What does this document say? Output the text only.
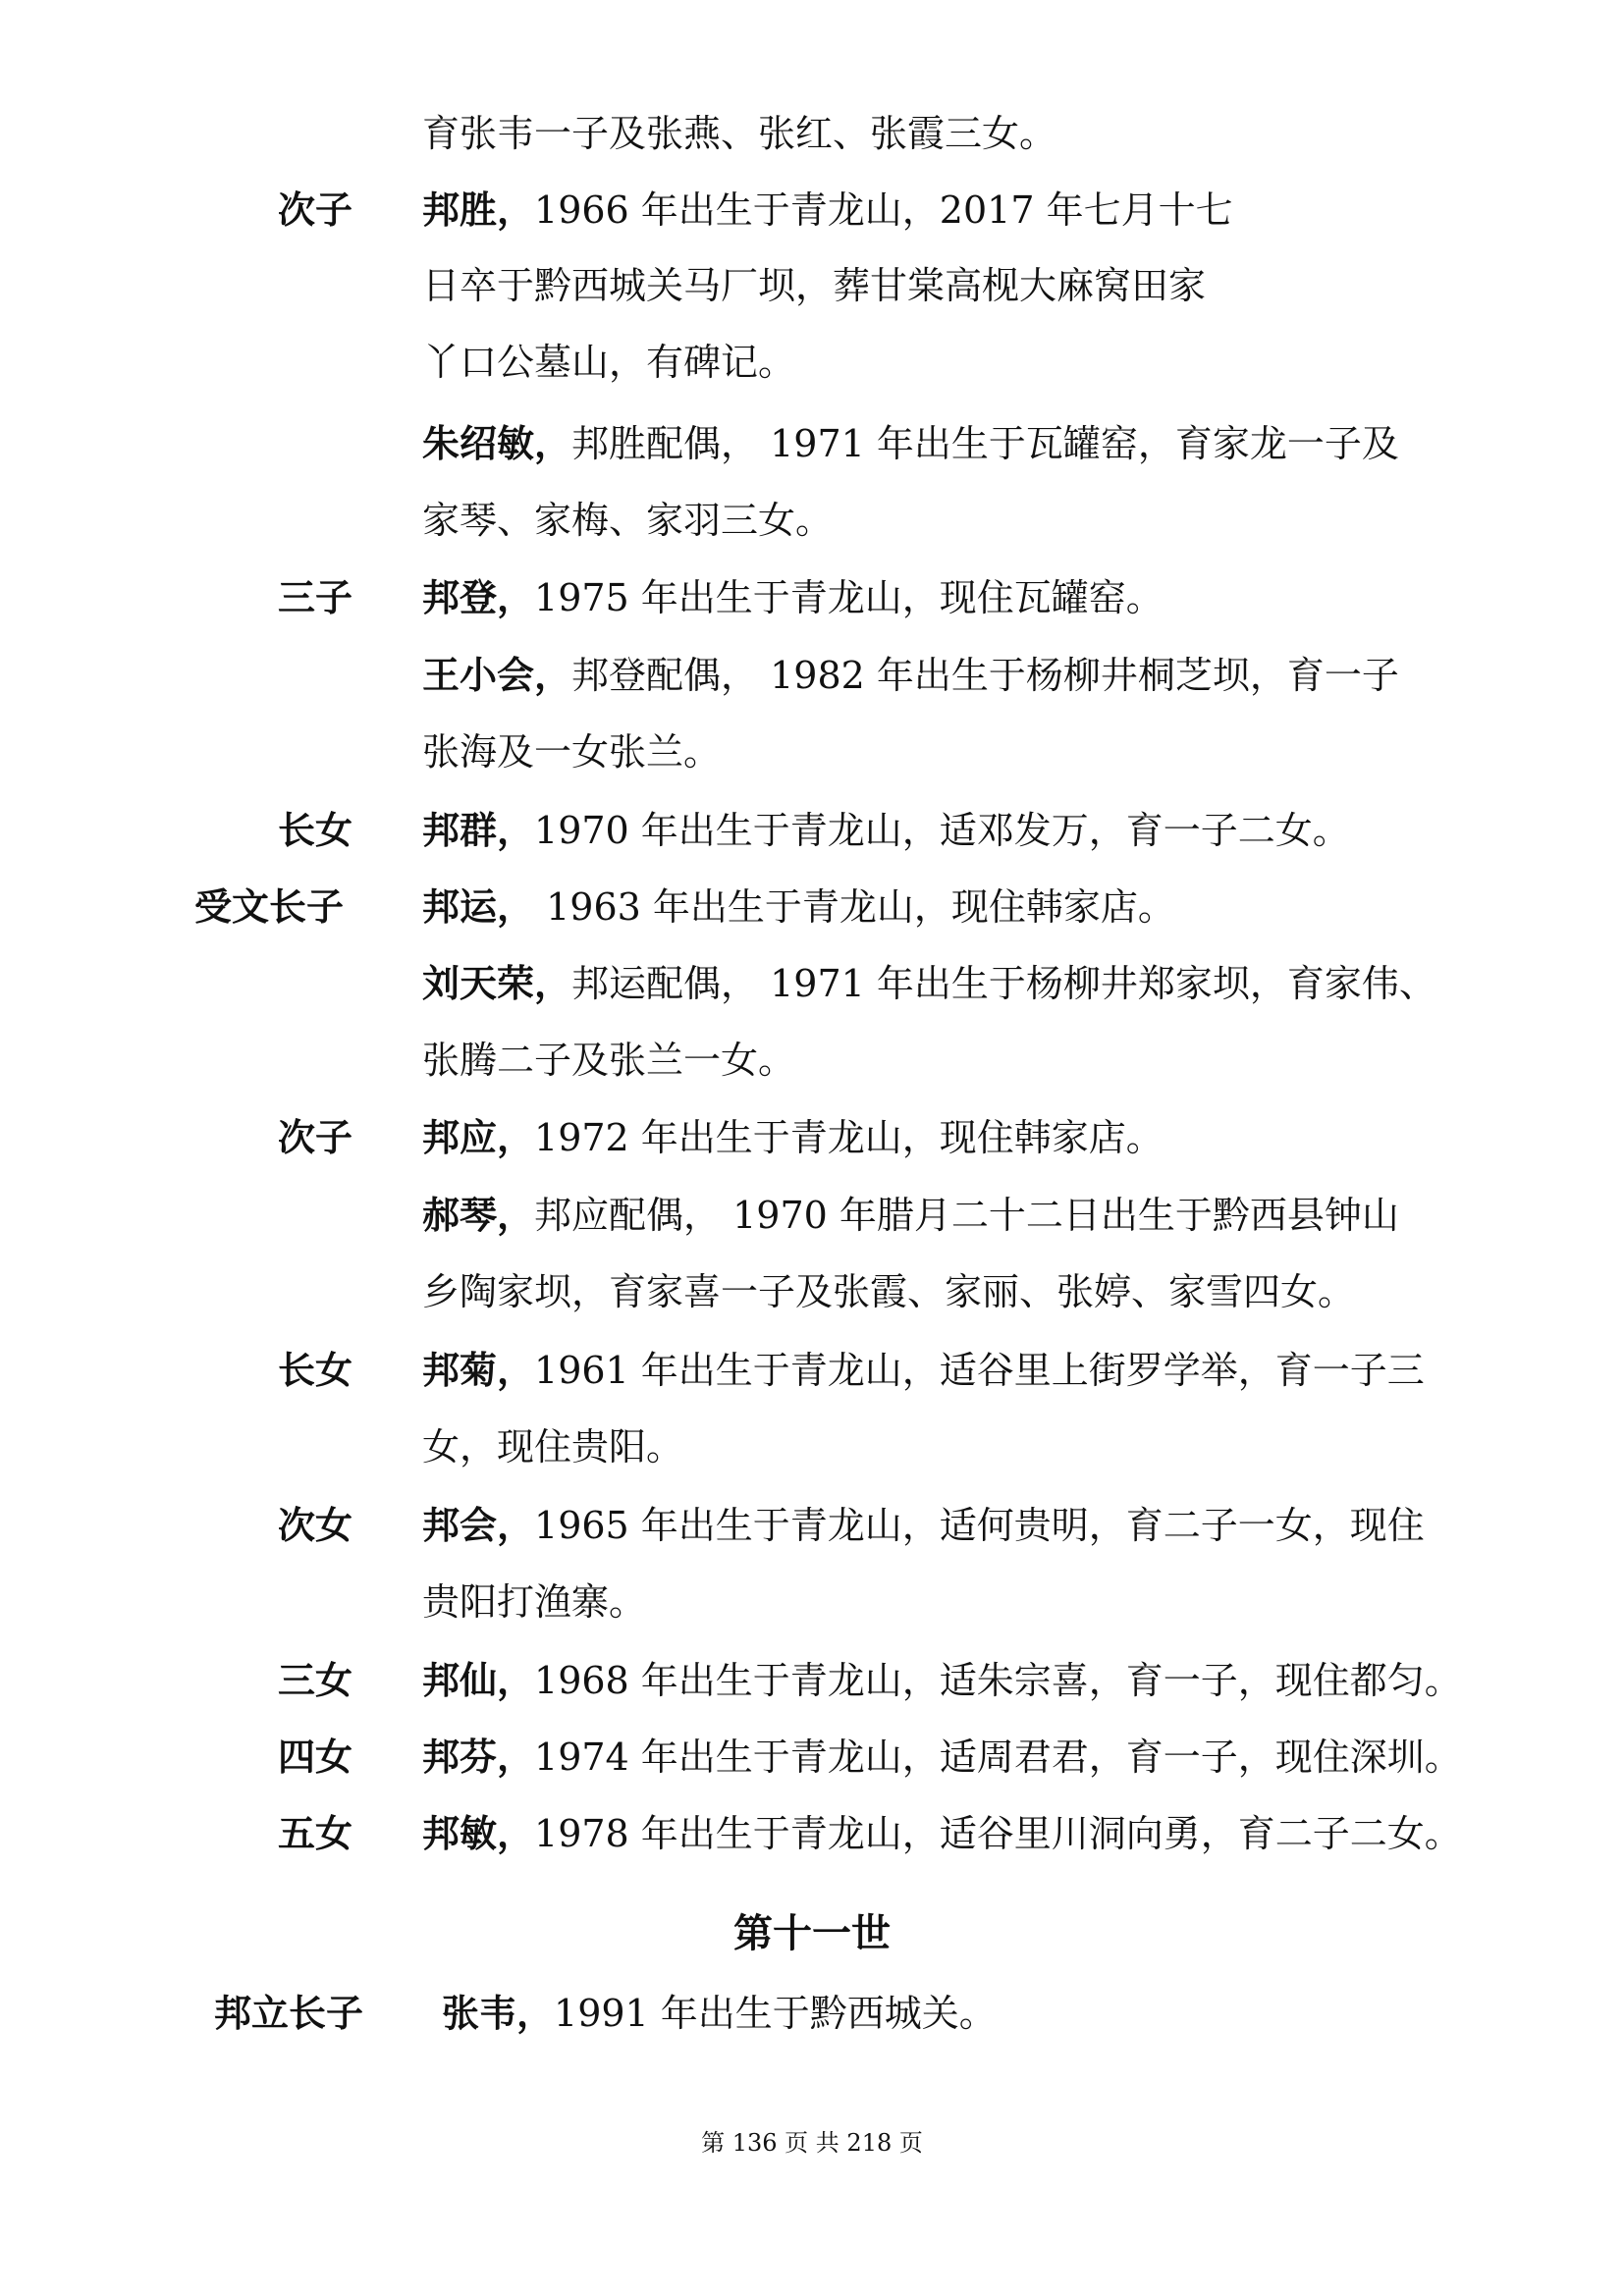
育张韦一子及张燕、张红、张霞三女。
次子 邦胜，1966 年出生于青龙山，2017 年七月十七
日卒于黔西城关马厂坝，葬甘棠高枧大麻窝田家
丫口公墓山，有碑记。
朱绍敏，邦胜配偶， 1971 年出生于瓦罐窑，育家龙一子及
家琴、家梅、家羽三女。
三子 邦登，1975 年出生于青龙山，现住瓦罐窑。
王小会，邦登配偶， 1982 年出生于杨柳井桐芝坝，育一子
张海及一女张兰。
长女 邦群，1970 年出生于青龙山，适邓发万，育一子二女。
受文长子 邦运， 1963 年出生于青龙山，现住韩家店。
刘天荣，邦运配偶， 1971 年出生于杨柳井郑家坝，育家伟、
张腾二子及张兰一女。
次子 邦应，1972 年出生于青龙山，现住韩家店。
郝琴，邦应配偶， 1970 年腊月二十二日出生于黔西县钟山
乡陶家坝，育家喜一子及张霞、家丽、张婷、家雪四女。
长女 邦菊，1961 年出生于青龙山，适谷里上街罗学举，育一子三
女，现住贵阳。
次女 邦会，1965 年出生于青龙山，适何贵明，育二子一女，现住
贵阳打渔寨。
三女 邦仙，1968 年出生于青龙山，适朱宗喜，育一子，现住都匀。
四女 邦芬，1974 年出生于青龙山，适周君君，育一子，现住深圳。
五女 邦敏，1978 年出生于青龙山，适谷里川洞向勇，育二子二女。
第十一世
邦立长子 张韦，1991 年出生于黔西城关。
第 136 页 共 218 页
